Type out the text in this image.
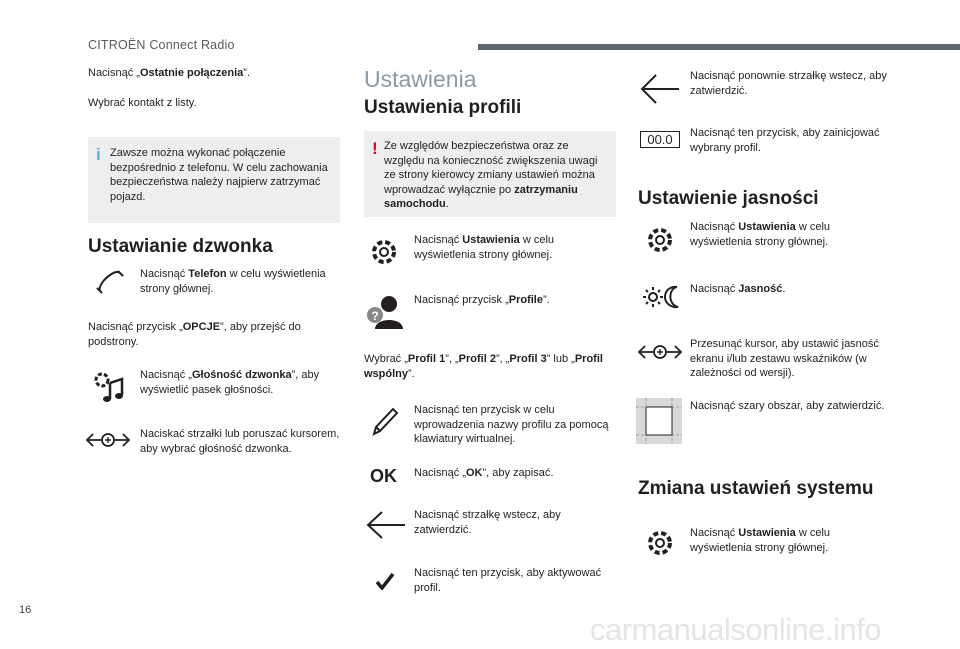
CITROËN Connect Radio
Nacisnąć „Ostatnie połączenia”.
Wybrać kontakt z listy.
i Zawsze można wykonać połączenie bezpośrednio z telefonu. W celu zachowania bezpieczeństwa należy najpierw zatrzymać pojazd.
Ustawianie dzwonka
Nacisnąć Telefon w celu wyświetlenia strony głównej.
Nacisnąć przycisk „OPCJE”, aby przejść do podstrony.
Nacisnąć „Głośność dzwonka”, aby wyświetlić pasek głośności.
Naciskać strzałki lub poruszać kursorem, aby wybrać głośność dzwonka.
Ustawienia
Ustawienia profili
! Ze względów bezpieczeństwa oraz ze względu na konieczność zwiększenia uwagi ze strony kierowcy zmiany ustawień można wprowadzać wyłącznie po zatrzymaniu samochodu.
Nacisnąć Ustawienia w celu wyświetlenia strony głównej.
?
Nacisnąć przycisk „Profile”.
Wybrać „Profil 1”, „Profil 2”, „Profil 3” lub „Profil wspólny”.
Nacisnąć ten przycisk w celu wprowadzenia nazwy profilu za pomocą klawiatury wirtualnej.
OK Nacisnąć „OK”, aby zapisać.
Nacisnąć strzałkę wstecz, aby zatwierdzić.
Nacisnąć ten przycisk, aby aktywować profil.
Nacisnąć ponownie strzałkę wstecz, aby zatwierdzić.
00.0	Nacisnąć ten przycisk, aby zainicjować wybrany profil.
Ustawienie jasności
Nacisnąć Ustawienia w celu wyświetlenia strony głównej.
Nacisnąć Jasność.
Przesunąć kursor, aby ustawić jasność ekranu i/lub zestawu wskaźników (w zależności od wersji).
Nacisnąć szary obszar, aby zatwierdzić.
Zmiana ustawień systemu
Nacisnąć Ustawienia w celu wyświetlenia strony głównej.
16
carmanualsonline.info
